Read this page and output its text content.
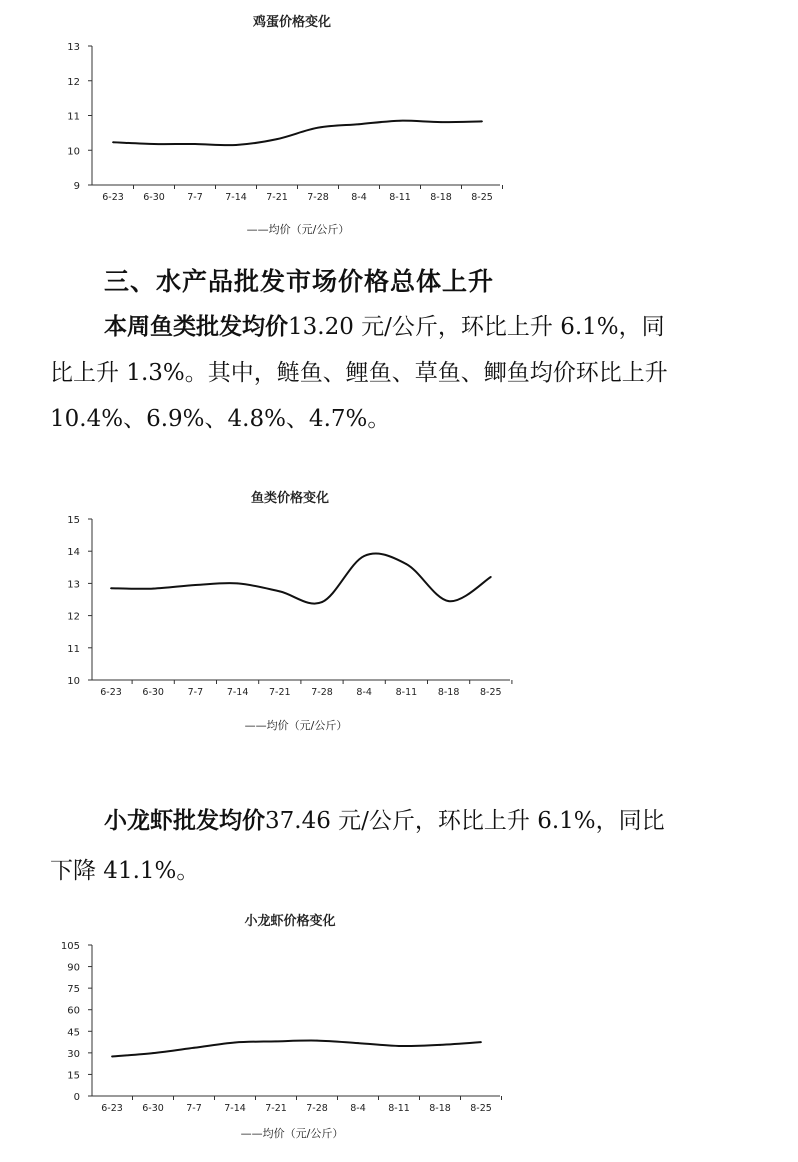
鸡蛋价格变化
13
12
11
10
9
6-23 6-30 7-7 7-14 7-21 7-28 8-4 8-11 8-18 8-25
——均价（元/公斤）
三、水产品批发市场价格总体上升

本周鱼类批发均价13.20 元/公斤，环比上升 6.1%，同

比上升 1.3%。其中，鲢鱼、鲤鱼、草鱼、鲫鱼均价环比上升

10.4%、6.9%、4.8%、4.7%。

鱼类价格变化
15
14
13
12
11
10
6-23 6-30 7-7 7-14 7-21 7-28 8-4 8-11 8-18 8-25
——均价（元/公斤）

小龙虾批发均价37.46 元/公斤，环比上升 6.1%，同比

下降 41.1%。

小龙虾价格变化
105
90
75
60
45
30
15
0
6-23 6-30 7-7 7-14 7-21 7-28 8-4 8-11 8-18 8-25
——均价（元/公斤）
